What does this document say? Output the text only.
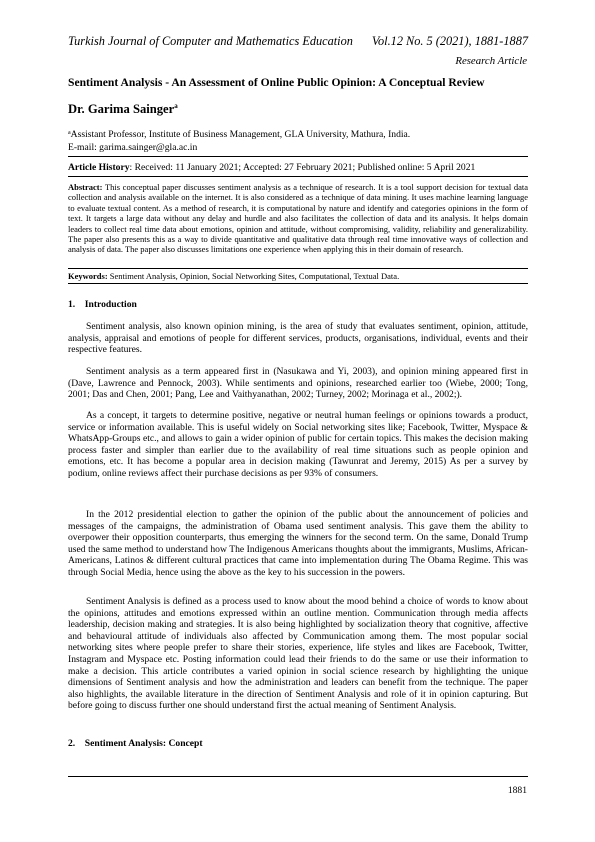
Turkish Journal of Computer and Mathematics Education Vol.12 No. 5 (2021), 1881-1887
Research Article
Sentiment Analysis - An Assessment of Online Public Opinion: A Conceptual Review
Dr. Garima Sainger$^a$
$^a$Assistant Professor, Institute of Business Management, GLA University, Mathura, India.
E-mail: garima.sainger@gla.ac.in
Article History: Received: 11 January 2021; Accepted: 27 February 2021; Published online: 5 April 2021
Abstract: This conceptual paper discusses sentiment analysis as a technique of research. It is a tool support decision for textual data collection and analysis available on the internet. It is also considered as a technique of data mining. It uses machine learning language to evaluate textual content. As a method of research, it is computational by nature and identify and categories opinions in the form of text. It targets a large data without any delay and hurdle and also facilitates the collection of data and its analysis. It helps domain leaders to collect real time data about emotions, opinion and attitude, without compromising, validity, reliability and generalizability. The paper also presents this as a way to divide quantitative and qualitative data through real time innovative ways of collection and analysis of data. The paper also discusses limitations one experience when applying this in their domain of research.
Keywords: Sentiment Analysis, Opinion, Social Networking Sites, Computational, Textual Data.
1.    Introduction
Sentiment analysis, also known opinion mining, is the area of study that evaluates sentiment, opinion, attitude, analysis, appraisal and emotions of people for different services, products, organisations, individual, events and their respective features.
Sentiment analysis as a term appeared first in (Nasukawa and Yi, 2003), and opinion mining appeared first in (Dave, Lawrence and Pennock, 2003). While sentiments and opinions, researched earlier too (Wiebe, 2000; Tong, 2001; Das and Chen, 2001; Pang, Lee and Vaithyanathan, 2002; Turney, 2002; Morinaga et al., 2002;).
As a concept, it targets to determine positive, negative or neutral human feelings or opinions towards a product, service or information available. This is useful widely on Social networking sites like; Facebook, Twitter, Myspace & WhatsApp-Groups etc., and allows to gain a wider opinion of public for certain topics. This makes the decision making process faster and simpler than earlier due to the availability of real time situations such as people opinion and emotions, etc. It has become a popular area in decision making (Tawunrat and Jeremy, 2015) As per a survey by podium, online reviews affect their purchase decisions as per 93% of consumers.
In the 2012 presidential election to gather the opinion of the public about the announcement of policies and messages of the campaigns, the administration of Obama used sentiment analysis. This gave them the ability to overpower their opposition counterparts, thus emerging the winners for the second term. On the same, Donald Trump used the same method to understand how The Indigenous Americans thoughts about the immigrants, Muslims, African-Americans, Latinos & different cultural practices that came into implementation during The Obama Regime. This was through Social Media, hence using the above as the key to his succession in the powers.
Sentiment Analysis is defined as a process used to know about the mood behind a choice of words to know about the opinions, attitudes and emotions expressed within an outline mention. Communication through media affects leadership, decision making and strategies. It is also being highlighted by socialization theory that cognitive, affective and behavioural attitude of individuals also affected by Communication among them. The most popular social networking sites where people prefer to share their stories, experience, life styles and likes are Facebook, Twitter, Instagram and Myspace etc. Posting information could lead their friends to do the same or use their information to make a decision. This article contributes a varied opinion in social science research by highlighting the unique dimensions of Sentiment analysis and how the administration and leaders can benefit from the technique. The paper also highlights, the available literature in the direction of Sentiment Analysis and role of it in opinion capturing. But before going to discuss further one should understand first the actual meaning of Sentiment Analysis.
2.    Sentiment Analysis: Concept
1881
